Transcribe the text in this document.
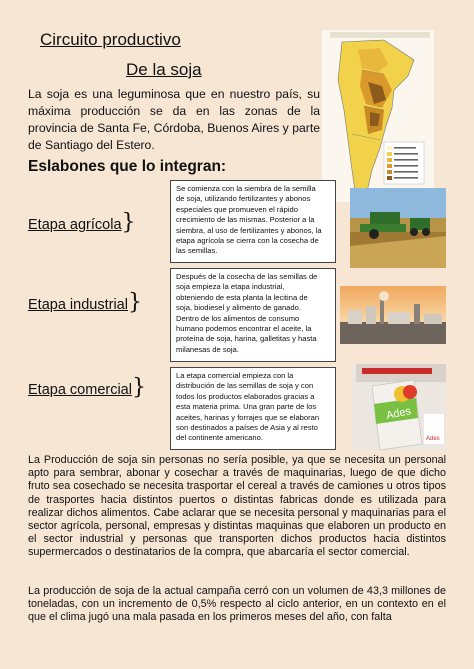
Circuito productivo
De la soja
La soja es una leguminosa que en nuestro país, su máxima producción se da en las zonas de la provincia de Santa Fe, Córdoba, Buenos Aires y parte de Santiago del Estero.
Eslabones que lo integran:
Etapa agrícola}
Se comienza con la siembra de la semilla
de soja, utilizando fertilizantes y abonos
especiales que promueven el rápido
crecimiento de las mismas. Posterior a la
siembra, al uso de fertilizantes y abonos, la
etapa agrícola se cierra con la cosecha de
las semillas.
Etapa industrial}
Después de la cosecha de las semillas de
soja empieza la etapa industrial,
obteniendo de esta planta la lecitina de
soja, biodiesel y alimento de ganado.
Dentro de los alimentos de consumo
humano podemos encontrar el aceite, la
proteína de soja, harina, galletitas y hasta
milanesas de soja.
Etapa comercial}	La etapa comercial empieza con la
distribución de las semillas de soja y con
todos los productos elaborados gracias a
esta materia prima. Una gran parte de los
aceites, harinas y forrajes que se elaboran
son destinados a países de Asia y al resto
del continente americano.
Ades
Ades
La Producción de soja sin personas no sería posible, ya que se necesita un personal apto para sembrar, abonar y cosechar a través de maquinarias, luego de que dicho fruto sea cosechado se necesita trasportar el cereal a través de camiones u otros tipos de trasportes hacia distintos puertos o distintas fabricas donde es utilizada para realizar dichos alimentos. Cabe aclarar que se necesita personal y maquinarias para el sector agrícola, personal, empresas y distintas maquinas que elaboren un producto en el sector industrial y personas que transporten dichos productos hacia distintos supermercados o destinatarios de la compra, que abarcaría el sector comercial.
La producción de soja de la actual campaña cerró con un volumen de 43,3 millones de toneladas, con un incremento de 0,5% respecto al ciclo anterior, en un contexto en el que el clima jugó una mala pasada en los primeros meses del año, con falta
